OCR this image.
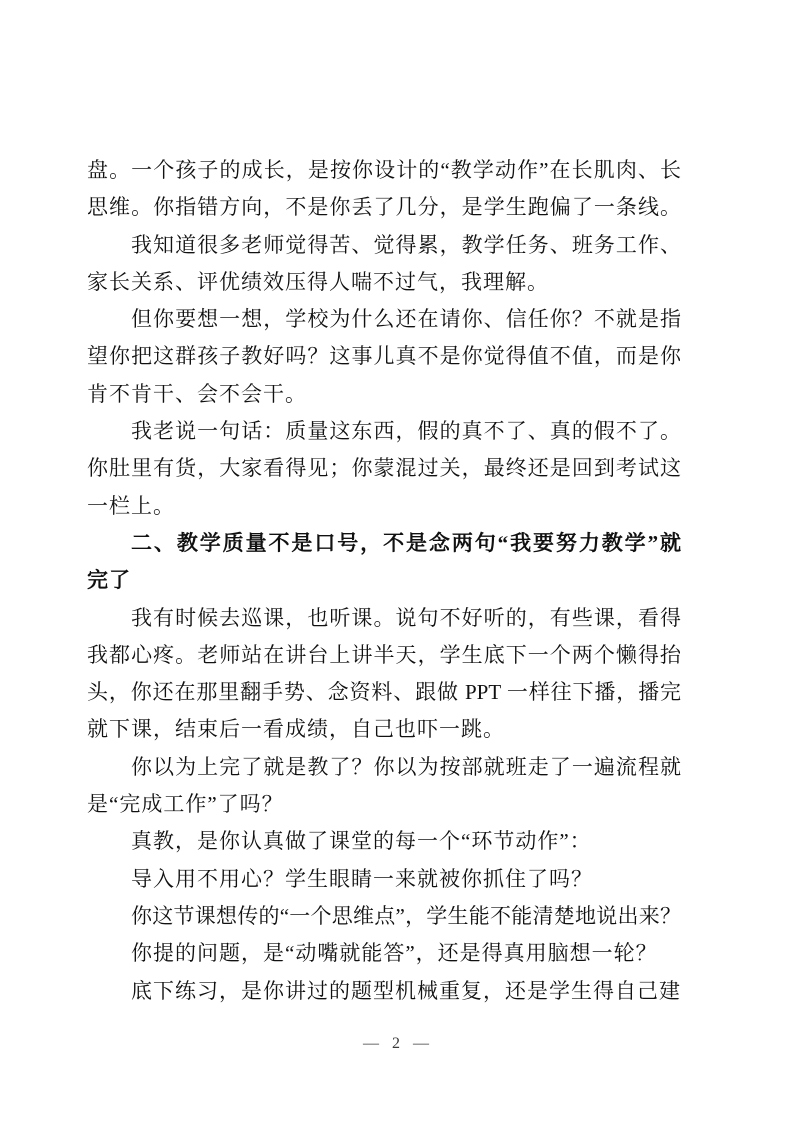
盘。一个孩子的成长，是按你设计的“教学动作”在长肌肉、长
思维。你指错方向，不是你丢了几分，是学生跑偏了一条线。
我知道很多老师觉得苦、觉得累，教学任务、班务工作、
家长关系、评优绩效压得人喘不过气，我理解。
但你要想一想，学校为什么还在请你、信任你？不就是指
望你把这群孩子教好吗？这事儿真不是你觉得值不值，而是你
肯不肯干、会不会干。
我老说一句话：质量这东西，假的真不了、真的假不了。
你肚里有货，大家看得见；你蒙混过关，最终还是回到考试这
一栏上。
二、教学质量不是口号，不是念两句“我要努力教学”就
完了
我有时候去巡课，也听课。说句不好听的，有些课，看得
我都心疼。老师站在讲台上讲半天，学生底下一个两个懒得抬
头，你还在那里翻手势、念资料、跟做 PPT 一样往下播，播完
就下课，结束后一看成绩，自己也吓一跳。
你以为上完了就是教了？你以为按部就班走了一遍流程就
是“完成工作”了吗？
真教，是你认真做了课堂的每一个“环节动作”：
导入用不用心？学生眼睛一来就被你抓住了吗？
你这节课想传的“一个思维点”，学生能不能清楚地说出来？
你提的问题，是“动嘴就能答”，还是得真用脑想一轮？
底下练习，是你讲过的题型机械重复，还是学生得自己建
— 2 —
